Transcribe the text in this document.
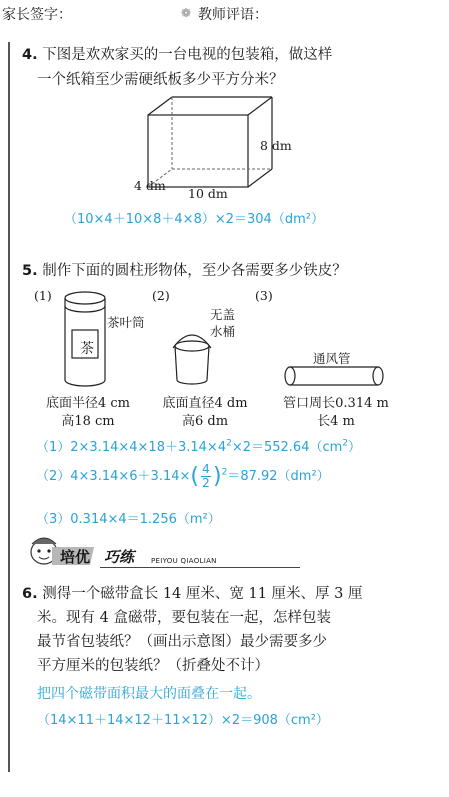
家长签字：	❁ 教师评语：
4. 下图是欢欢家买的一台电视的包装箱，做这样
一个纸箱至少需硬纸板多少平方分米？
8 dm
4 dm
10 dm
（10×4＋10×8＋4×8）×2＝304（dm²）
5. 制作下面的圆柱形物体，至少各需要多少铁皮？
(1)	(2)	(3)
茶
茶叶筒
无盖
水桶
通风管
底面半径4 cm
高18 cm
底面直径4 dm
高6 dm
管口周长0.314 m
长4 m
$(1)2\times 3.14\times 4\times 18+3.14\times 4^2\times 2=552.64(cm^2)$
$(2)4\times 3.14\times 6+3.14\times( \frac{4}{2} )^2=87.92(dm^2)$
（3）0.314×4＝1.256（m²）
培优 巧练 PEIYOU QIAOLIAN
6. 测得一个磁带盒长 14 厘米、宽 11 厘米、厚 3 厘
米。现有 4 盒磁带，要包装在一起，怎样包装
最节省包装纸？（画出示意图）最少需要多少
平方厘米的包装纸？（折叠处不计）
把四个磁带面积最大的面叠在一起。
（14×11＋14×12＋11×12）×2＝908（cm²）
